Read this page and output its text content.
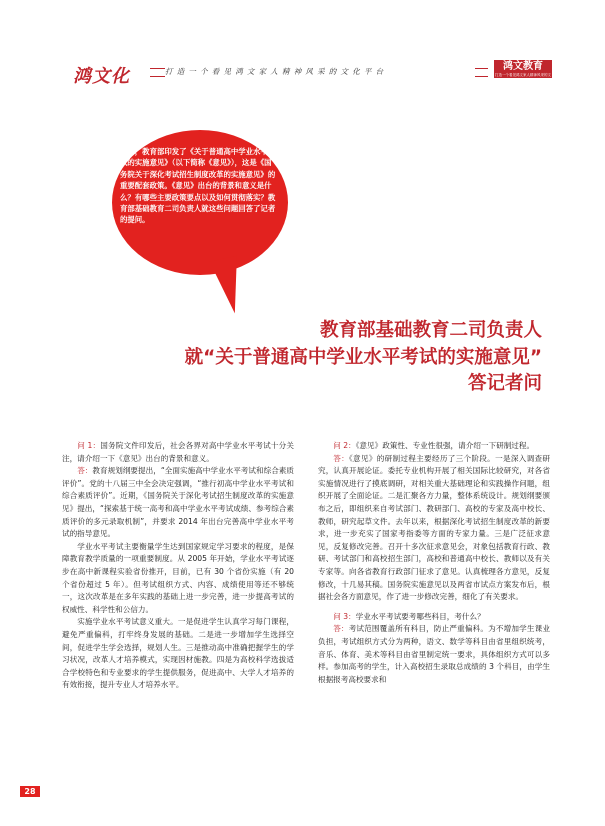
鸿文化	打造一个看见鸿文家人精神风采的文化平台	鸿文教育
打造一个看见鸿文家人精神风采的文化平台
日前，教育部印发了《关于普通高中学业水平考试的实施意见》（以下简称《意见》），这是《国务院关于深化考试招生制度改革的实施意见》的重要配套政策。《意见》出台的背景和意义是什么？有哪些主要政策要点以及如何贯彻落实？教育部基础教育二司负责人就这些问题回答了记者的提问。
教育部基础教育二司负责人
就“关于普通高中学业水平考试的实施意见”
答记者问

问 1：国务院文件印发后，社会各界对高中学业水平考试十分关注，请介绍一下《意见》出台的背景和意义。

答：教育规划纲要提出，“全面实施高中学业水平考试和综合素质评价”。党的十八届三中全会决定强调，“推行初高中学业水平考试和综合素质评价”。近期，《国务院关于深化考试招生制度改革的实施意见》提出，“探索基于统一高考和高中学业水平考试成绩、参考综合素质评价的多元录取机制”，并要求 2014 年出台完善高中学业水平考试的指导意见。

学业水平考试主要衡量学生达到国家规定学习要求的程度，是保障教育教学质量的一项重要制度。从 2005 年开始，学业水平考试逐步在高中新课程实验省份推开，目前，已有 30 个省份实施（有 20 个省份超过 5 年）。但考试组织方式、内容、成绩使用等还不够统一，这次改革是在多年实践的基础上进一步完善，进一步提高考试的权威性、科学性和公信力。

实施学业水平考试意义重大。一是促进学生认真学习每门课程，避免严重偏科，打牢终身发展的基础。二是进一步增加学生选择空间，促进学生学会选择，规划人生。三是推动高中准确把握学生的学习状况，改革人才培养模式，实现因材施教。四是为高校科学选拔适合学校特色和专业要求的学生提供服务，促进高中、大学人才培养的有效衔接，提升专业人才培养水平。

问 2：《意见》政策性、专业性很强，请介绍一下研制过程。

答：《意见》的研制过程主要经历了三个阶段。一是深入调查研究，认真开展论证。委托专业机构开展了相关国际比较研究，对各省实施情况进行了摸底调研，对相关重大基础理论和实践操作问题，组织开展了全面论证。二是汇聚各方力量，整体系统设计。规划纲要颁布之后，即组织来自考试部门、教研部门、高校的专家及高中校长、教师，研究起草文件。去年以来，根据深化考试招生制度改革的新要求，进一步充实了国家考指委等方面的专家力量。三是广泛征求意见，反复修改完善。召开十多次征求意见会，对象包括教育行政、教研、考试部门和高校招生部门，高校和普通高中校长、教师以及有关专家等。向各省教育行政部门征求了意见。认真梳理各方意见，反复修改，十几易其稿。国务院实施意见以及两省市试点方案发布后，根据社会各方面意见，作了进一步修改完善，细化了有关要求。

问 3：学业水平考试要考哪些科目，考什么？

答：考试范围覆盖所有科目，防止严重偏科。为不增加学生课业负担，考试组织方式分为两种，语文、数学等科目由省里组织统考，音乐、体育、美术等科目由省里制定统一要求，具体组织方式可以多样。参加高考的学生，计入高校招生录取总成绩的 3 个科目，由学生根据报考高校要求和

28
